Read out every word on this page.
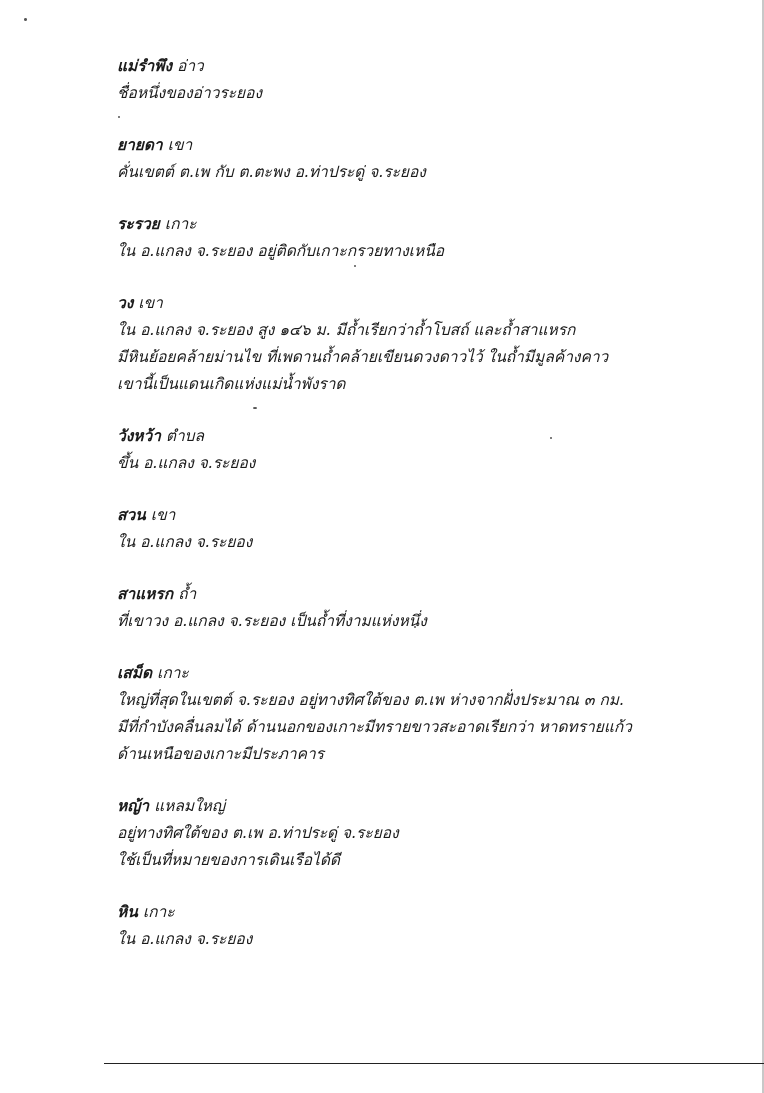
แม่รำพึง อ่าว
ชื่อหนึ่งของอ่าวระยอง
ยายดา เขา
คั่นเขตต์ ต.เพ กับ ต.ตะพง อ.ท่าประดู่ จ.ระยอง
ระรวย เกาะ
ใน อ.แกลง จ.ระยอง อยู่ติดกับเกาะกรวยทางเหนือ
วง เขา
ใน อ.แกลง จ.ระยอง สูง ๑๔๖ ม. มีถ้ำเรียกว่าถ้ำโบสถ์ และถ้ำสาแหรก
มีหินย้อยคล้ายม่านไข ที่เพดานถ้ำคล้ายเขียนดวงดาวไว้ ในถ้ำมีมูลค้างคาว
เขานี้เป็นแดนเกิดแห่งแม่น้ำพังราด
วังหว้า ตำบล
ขึ้น อ.แกลง จ.ระยอง
สวน เขา
ใน อ.แกลง จ.ระยอง
สาแหรก ถ้ำ
ที่เขาวง อ.แกลง จ.ระยอง เป็นถ้ำที่งามแห่งหนึ่ง
เสม็ด เกาะ
ใหญ่ที่สุดในเขตต์ จ.ระยอง อยู่ทางทิศใต้ของ ต.เพ ห่างจากฝั่งประมาณ ๓ กม.
มีที่กำบังคลื่นลมได้ ด้านนอกของเกาะมีทรายขาวสะอาดเรียกว่า หาดทรายแก้ว
ด้านเหนือของเกาะมีประภาคาร
หญ้า แหลมใหญ่
อยู่ทางทิศใต้ของ ต.เพ อ.ท่าประดู่ จ.ระยอง
ใช้เป็นที่หมายของการเดินเรือได้ดี
หิน เกาะ
ใน อ.แกลง จ.ระยอง
